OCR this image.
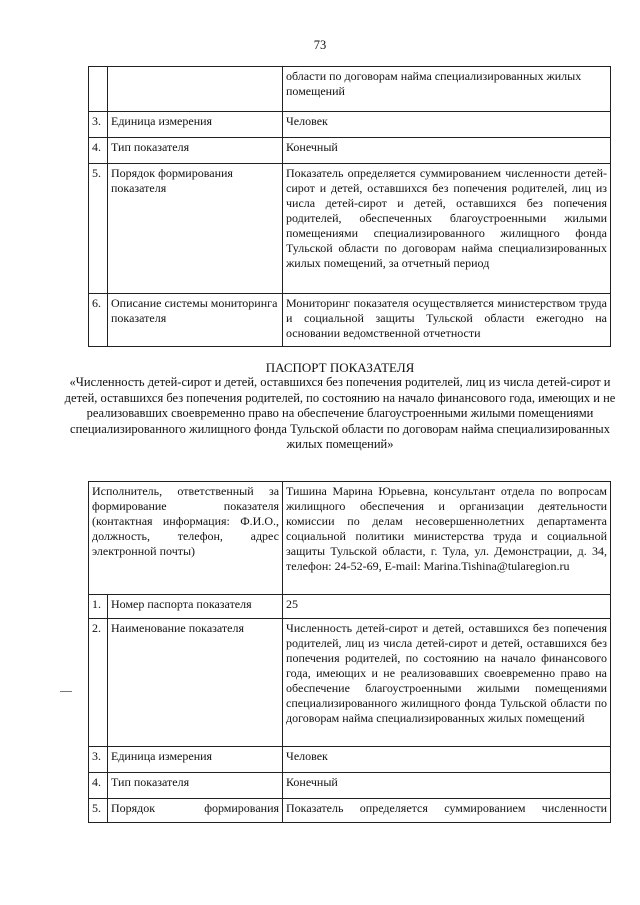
73
		области по договорам найма специализированных жилых помещений
3.	Единица измерения	Человек
4.	Тип показателя	Конечный
5.	Порядок формирования показателя	Показатель определяется суммированием численности детей-сирот и детей, оставшихся без попечения родителей, лиц из числа детей-сирот и детей, оставшихся без попечения родителей, обеспеченных благоустроенными жилыми помещениями специализированного жилищного фонда Тульской области по договорам найма специализированных жилых помещений, за отчетный период
6.	Описание системы мониторинга показателя	Мониторинг показателя осуществляется министерством труда и социальной защиты Тульской области ежегодно на основании ведомственной отчетности
ПАСПОРТ ПОКАЗАТЕЛЯ
«Численность детей-сирот и детей, оставшихся без попечения родителей, лиц из числа детей-сирот и детей, оставшихся без попечения родителей, по состоянию на начало финансового года, имеющих и не реализовавших своевременно право на обеспечение благоустроенными жилыми помещениями специализированного жилищного фонда Тульской области по договорам найма специализированных жилых помещений»
Исполнитель, ответственный за формирование показателя (контактная информация: Ф.И.О., должность, телефон, адрес электронной почты)		Тишина Марина Юрьевна, консультант отдела по вопросам жилищного обеспечения и организации деятельности комиссии по делам несовершеннолетних департамента социальной политики министерства труда и социальной защиты Тульской области, г. Тула, ул. Демонстрации, д. 34, телефон: 24-52-69, E-mail: Marina.Tishina@tularegion.ru
1.	Номер паспорта показателя	25
2.	Наименование показателя	Численность детей-сирот и детей, оставшихся без попечения родителей, лиц из числа детей-сирот и детей, оставшихся без попечения родителей, по состоянию на начало финансового года, имеющих и не реализовавших своевременно право на обеспечение благоустроенными жилыми помещениями специализированного жилищного фонда Тульской области по договорам найма специализированных жилых помещений
3.	Единица измерения	Человек
4.	Тип показателя	Конечный
5.	Порядок формирования	Показатель определяется суммированием численности
